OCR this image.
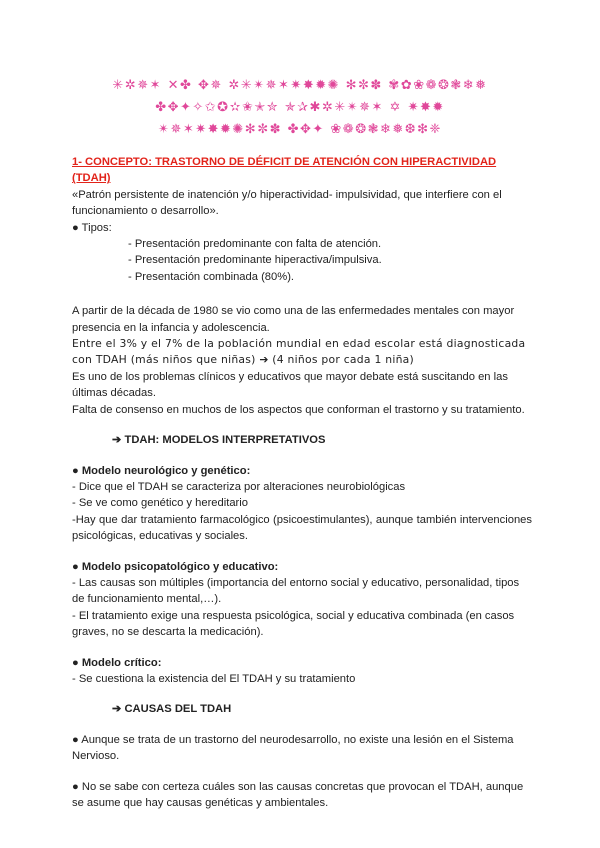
✳✲✵✶ ✕✤ ✥✵ ✲✳✴✵✶✷✸✹✺ ✻✼✽ ✾✿❀❁❂❃❄❅
✤✥✦✧✩✪✫✬✭✮ ✯✰✱✲✳✴✵✶ ✡ ✷✸✹
✴✵✶✷✸✹✺✻✼✽ ✤✥✦ ❀❁❂❃❄❅❆❇❈

1- CONCEPTO: TRASTORNO DE DÉFICIT DE ATENCIÓN CON HIPERACTIVIDAD

(TDAH)

«Patrón persistente de inatención y/o hiperactividad- impulsividad, que interfiere con el funcionamiento o desarrollo».

● Tipos:

- Presentación predominante con falta de atención.

- Presentación predominante hiperactiva/impulsiva.

- Presentación combinada (80%).

A partir de la década de 1980 se vio como una de las enfermedades mentales con mayor presencia en la infancia y adolescencia.

Entre el 3% y el 7% de la población mundial en edad escolar está diagnosticada con TDAH (más niños que niñas) ➔ (4 niños por cada 1 niña)

Es uno de los problemas clínicos y educativos que mayor debate está suscitando en las últimas décadas.

Falta de consenso en muchos de los aspectos que conforman el trastorno y su tratamiento.

➔ TDAH: MODELOS INTERPRETATIVOS

● Modelo neurológico y genético:

- Dice que el TDAH se caracteriza por alteraciones neurobiológicas

- Se ve como genético y hereditario

-Hay que dar tratamiento farmacológico (psicoestimulantes), aunque también intervenciones psicológicas, educativas y sociales.

● Modelo psicopatológico y educativo:

- Las causas son múltiples (importancia del entorno social y educativo, personalidad, tipos de funcionamiento mental,…).

- El tratamiento exige una respuesta psicológica, social y educativa combinada (en casos graves, no se descarta la medicación).

● Modelo crítico:

- Se cuestiona la existencia del El TDAH y su tratamiento

➔ CAUSAS DEL TDAH

● Aunque se trata de un trastorno del neurodesarrollo, no existe una lesión en el Sistema Nervioso.

● No se sabe con certeza cuáles son las causas concretas que provocan el TDAH, aunque se asume que hay causas genéticas y ambientales.
